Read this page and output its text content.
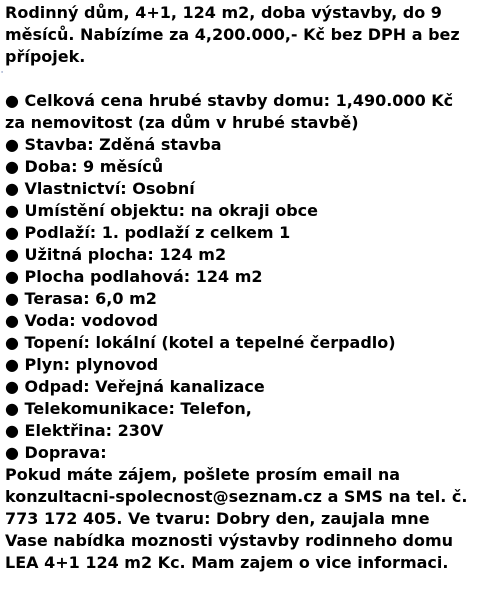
Rodinný dům, 4+1, 124 m2, doba výstavby, do 9 měsíců. Nabízíme za 4,200.000,- Kč bez DPH a bez přípojek.

'
● Celková cena hrubé stavby domu: 1,490.000 Kč za nemovitost (za dům v hrubé stavbě)
● Stavba: Zděná stavba
● Doba: 9 měsíců
● Vlastnictví: Osobní
● Umístění objektu: na okraji obce
● Podlaží: 1. podlaží z celkem 1
● Užitná plocha: 124 m2
● Plocha podlahová: 124 m2
● Terasa: 6,0 m2
● Voda: vodovod
● Topení: lokální (kotel a tepelné čerpadlo)
● Plyn: plynovod
● Odpad: Veřejná kanalizace
● Telekomunikace: Telefon,
● Elektřina: 230V
● Doprava:

Pokud máte zájem, pošlete prosím email na konzultacni-spolecnost@seznam.cz a SMS na tel. č. 773 172 405. Ve tvaru: Dobry den, zaujala mne Vase nabídka moznosti výstavby rodinneho domu LEA 4+1 124 m2 Kc. Mam zajem o vice informaci.
